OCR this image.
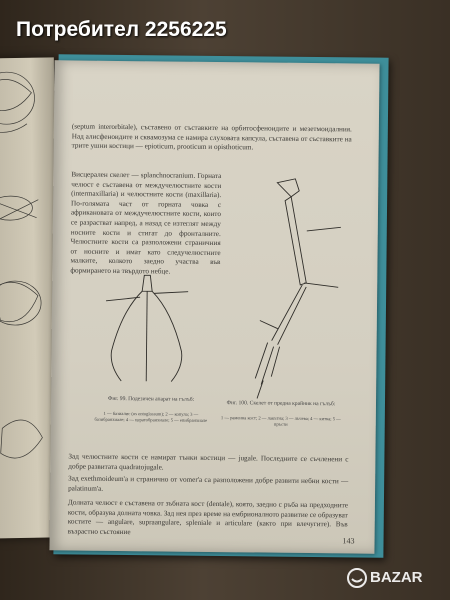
(septum interorbitale), съставено от съставките на орбитосфеноидите и мезетмоидалния. Над алисфеноидите и сквамозума се намира слуховата капсула, съставена от съставките на трите ушни костици — epioticum, prooticum и opisthoticum.

Висцерален скелет — splanchnocranium. Горната челюст е съставена от междучелюстните кости (intermaxillaria) и челюстните кости (maxillaria). По-голямата част от горната човка с африкановата от междучелюстните кости, които се разрастват напред, а назад се изтеглят между носните кости и стигат до фронталните. Челюстните кости са разположени страничния от носните и имат като следучелюстните малките, колкото заедно участва във формирането на твърдото небце.

Фиг. 99. Подезичен апарат на гълъб:

1 — базиалис (os entoglossum); 2 — копула; 3 — базибранхиале; 4 — цератобранхиале; 5 — епибранхиале

Фиг. 100. Скелет от предна крайник на гълъб:

1 — раменна кост; 2 — лакътна; 3 — лъчева; 4 — китка; 5 — пръсти

Зад челюстните кости се намират тънки костици — jugale. Последните се съчленени с добре развитата quadratojugale.

Зад exethmoideum'а и странично от vomer'а са разположени добре развити небни кости — palatinum'а.

Долната челюст е съставена от зъбната кост (dentale), която, заедно с ръба на предходните кости, образува долната човка. Зад нея през време на ембрионалното развитие се образуват костите — angulare, supraangulare, spleniale и articulare (както при влечугите). Във възрастно състояние

143

Потребител 2256225

BAZAR
